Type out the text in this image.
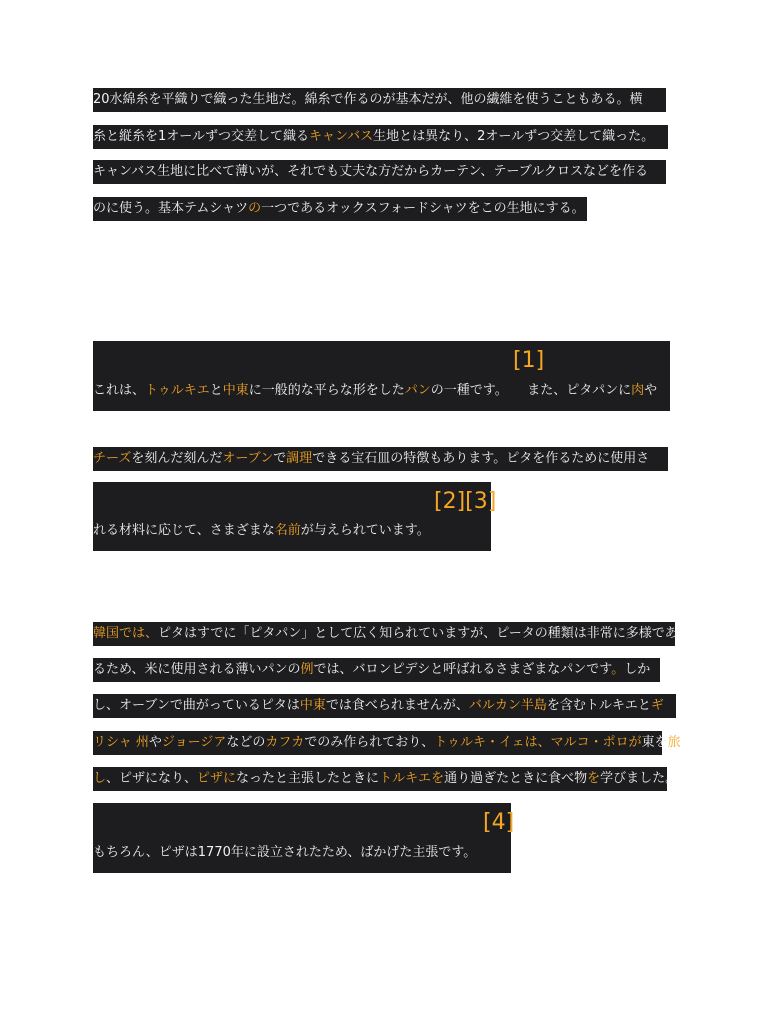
20水綿糸を平織りで織った生地だ。綿糸で作るのが基本だが、他の繊維を使うこともある。横
糸と縦糸を1オールずつ交差して織るキャンバス生地とは異なり、2オールずつ交差して織った。
キャンバス生地に比べて薄いが、それでも丈夫な方だからカーテン、テーブルクロスなどを作る
のに使う。基本テムシャツの一つであるオックスフォードシャツをこの生地にする。
[1]
これは、トゥルキエと中東に一般的な平らな形をしたパンの一種です。　　また、ピタパンに肉や
チーズを刻んだ刻んだオーブンで調理できる宝石皿の特徴もあります。ピタを作るために使用さ
[2][3]
れる材料に応じて、さまざまな名前が与えられています。
韓国では、ピタはすでに「ピタパン」として広く知られていますが、ピータの種類は非常に多様であ
るため、米に使用される薄いパンの例では、バロンピデシと呼ばれるさまざまなパンです。しか
し、オーブンで曲がっているピタは中東では食べられませんが、バルカン半島を含むトルキエとギ
リシャ 州やジョージアなどのカフカでのみ作られており、トゥルキ・イェは、マルコ・ポロが東を旅
し、ピザになり、ピザになったと主張したときにトルキエを通り過ぎたときに食べ物を学びました。
[4]
もちろん、ピザは1770年に設立されたため、ばかげた主張です。
